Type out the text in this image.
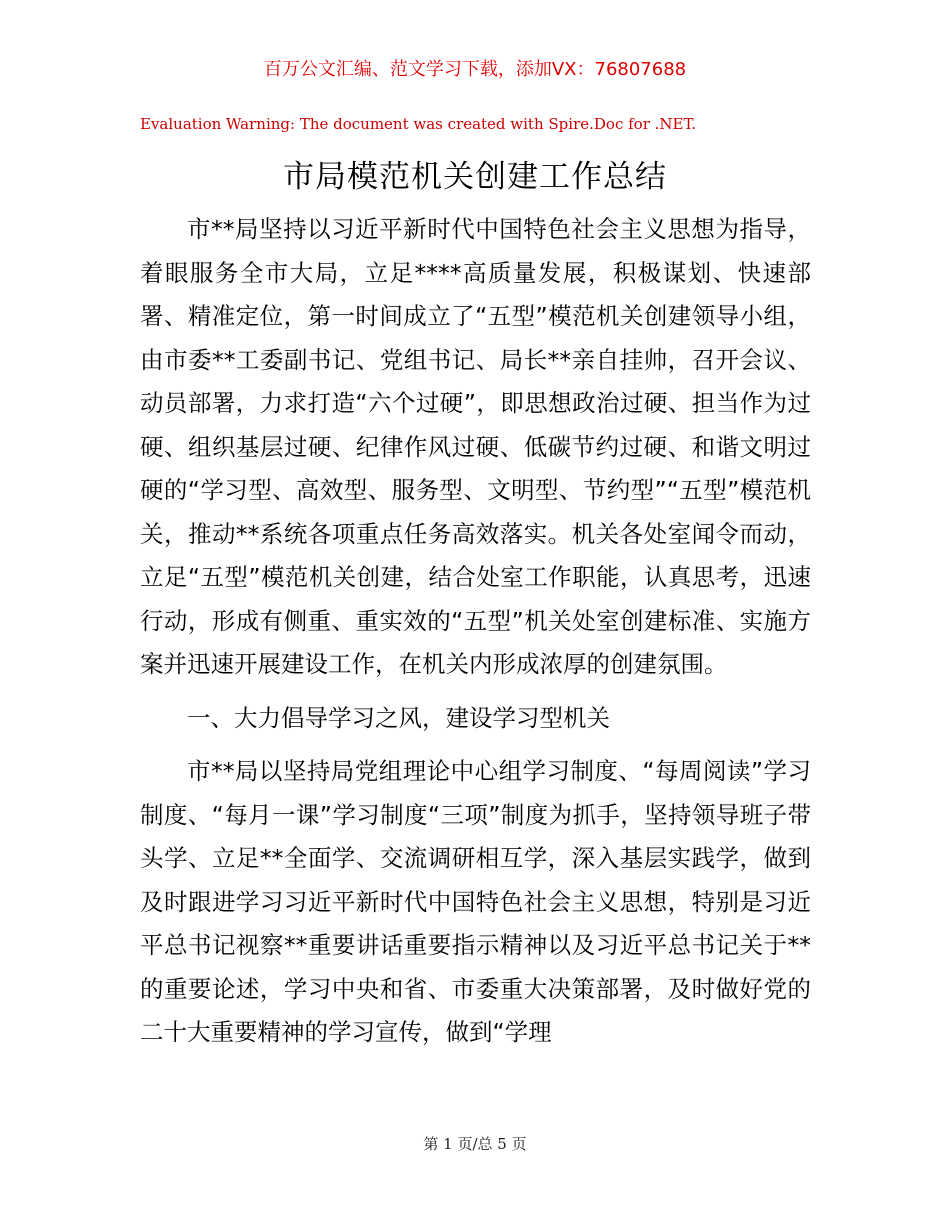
百万公文汇编、范文学习下载，添加VX：76807688
Evaluation Warning: The document was created with Spire.Doc for .NET.
市局模范机关创建工作总结

市**局坚持以习近平新时代中国特色社会主义思想为指导，着眼服务全市大局，立足****高质量发展，积极谋划、快速部署、精准定位，第一时间成立了“五型”模范机关创建领导小组，由市委**工委副书记、党组书记、局长**亲自挂帅，召开会议、动员部署，力求打造“六个过硬”，即思想政治过硬、担当作为过硬、组织基层过硬、纪律作风过硬、低碳节约过硬、和谐文明过硬的“学习型、高效型、服务型、文明型、节约型”“五型”模范机关，推动**系统各项重点任务高效落实。机关各处室闻令而动，立足“五型”模范机关创建，结合处室工作职能，认真思考，迅速行动，形成有侧重、重实效的“五型”机关处室创建标准、实施方案并迅速开展建设工作，在机关内形成浓厚的创建氛围。

一、大力倡导学习之风，建设学习型机关

市**局以坚持局党组理论中心组学习制度、“每周阅读”学习制度、“每月一课”学习制度“三项”制度为抓手，坚持领导班子带头学、立足**全面学、交流调研相互学，深入基层实践学，做到及时跟进学习习近平新时代中国特色社会主义思想，特别是习近平总书记视察**重要讲话重要指示精神以及习近平总书记关于**的重要论述，学习中央和省、市委重大决策部署，及时做好党的二十大重要精神的学习宣传，做到“学理

第 1 页/总 5 页
